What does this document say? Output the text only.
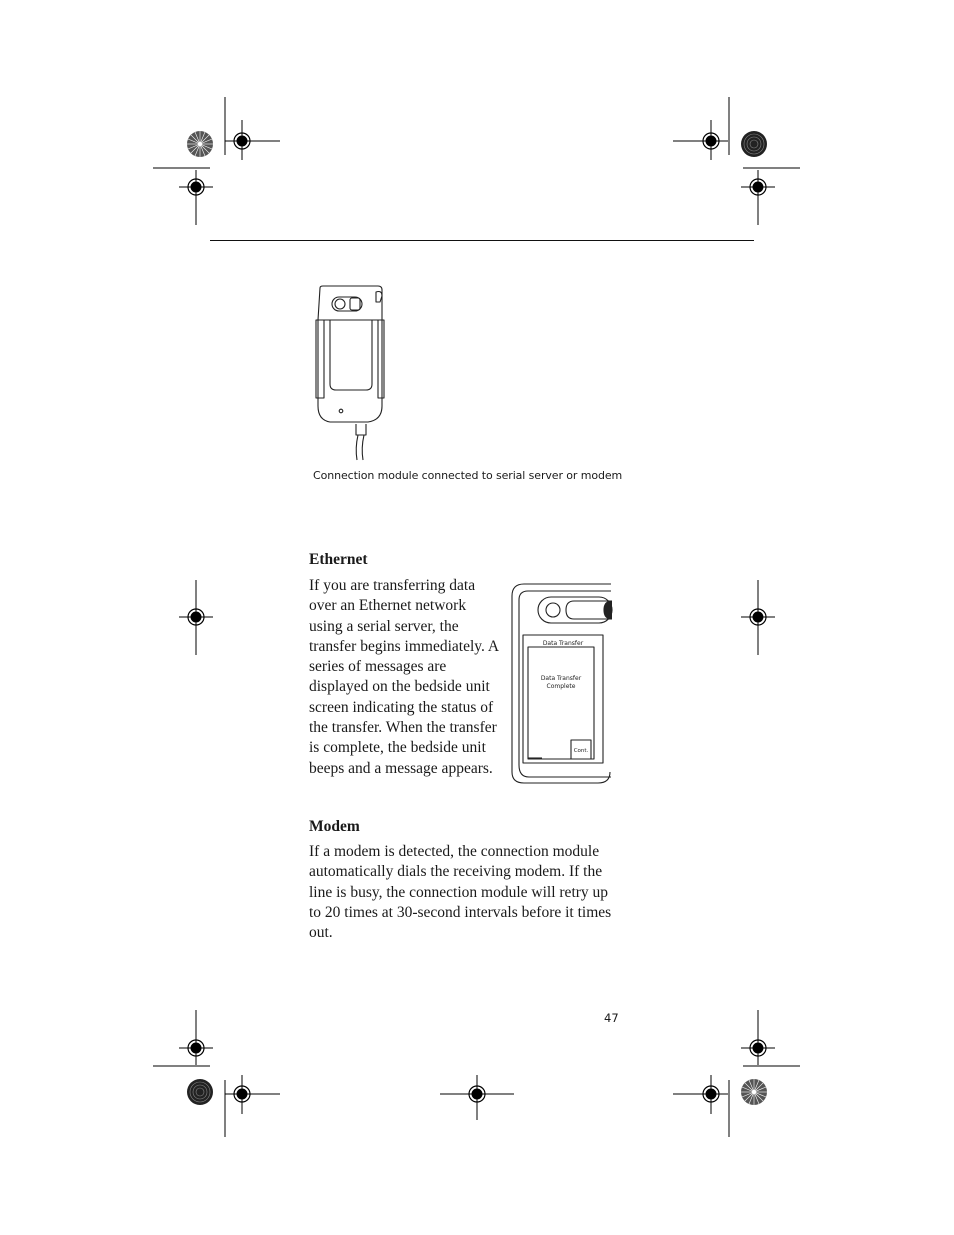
Connection module connected to serial server or modem
Ethernet

If you are transferring data over an Ethernet network using a serial server, the transfer begins immediately. A series of messages are displayed on the bedside unit screen indicating the status of the transfer. When the transfer is complete, the bedside unit beeps and a message appears.

Data Transfer
Data Transfer
Complete
Cont.
Modem

If a modem is detected, the connection module automatically dials the receiving modem. If the line is busy, the connection module will retry up to 20 times at 30-second intervals before it times out.

47
